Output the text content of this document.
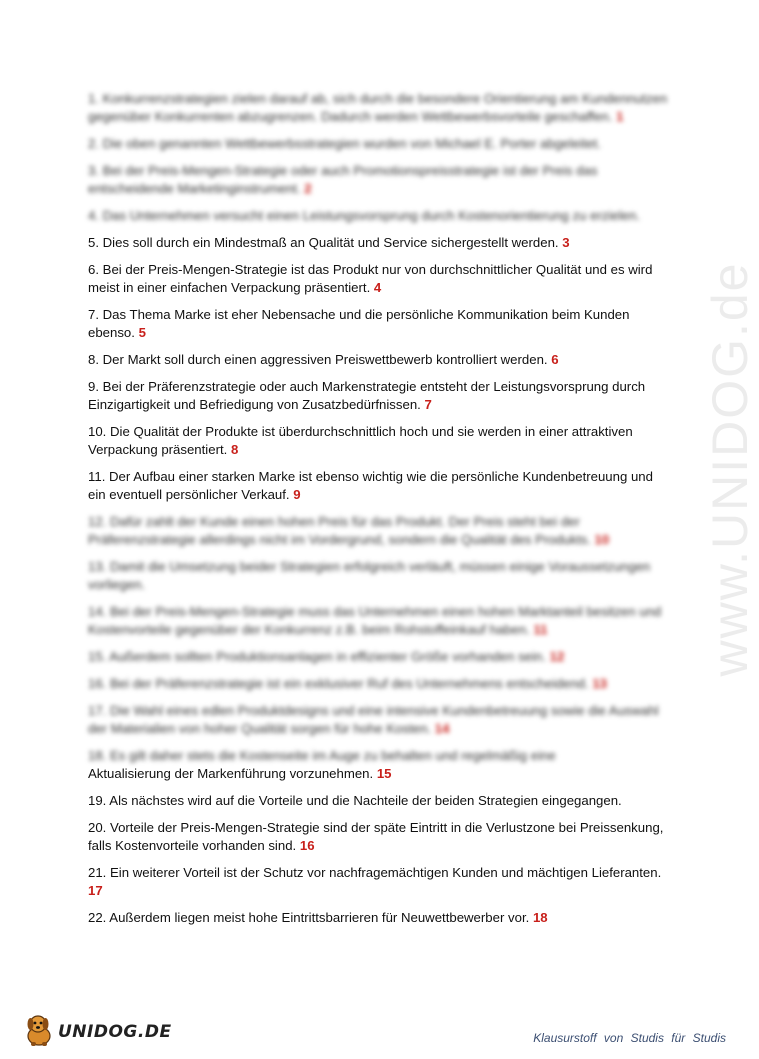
www.UNIDOG.de

1. Konkurrenzstrategien zielen darauf ab, sich durch die besondere Orientierung am Kundennutzen gegenüber Konkurrenten abzugrenzen. Dadurch werden Wettbewerbsvorteile geschaffen. 1

2. Die oben genannten Wettbewerbsstrategien wurden von Michael E. Porter abgeleitet.

3. Bei der Preis-Mengen-Strategie oder auch Promotionspreisstrategie ist der Preis das entscheidende Marketinginstrument. 2

4. Das Unternehmen versucht einen Leistungsvorsprung durch Kostenorientierung zu erzielen.

5. Dies soll durch ein Mindestmaß an Qualität und Service sichergestellt werden. 3

6. Bei der Preis-Mengen-Strategie ist das Produkt nur von durchschnittlicher Qualität und es wird meist in einer einfachen Verpackung präsentiert. 4

7. Das Thema Marke ist eher Nebensache und die persönliche Kommunikation beim Kunden ebenso. 5

8. Der Markt soll durch einen aggressiven Preiswettbewerb kontrolliert werden. 6

9. Bei der Präferenzstrategie oder auch Markenstrategie entsteht der Leistungsvorsprung durch Einzigartigkeit und Befriedigung von Zusatzbedürfnissen. 7

10. Die Qualität der Produkte ist überdurchschnittlich hoch und sie werden in einer attraktiven Verpackung präsentiert. 8

11. Der Aufbau einer starken Marke ist ebenso wichtig wie die persönliche Kundenbetreuung und ein eventuell persönlicher Verkauf. 9

12. Dafür zahlt der Kunde einen hohen Preis für das Produkt. Der Preis steht bei der Präferenzstrategie allerdings nicht im Vordergrund, sondern die Qualität des Produkts. 10

13. Damit die Umsetzung beider Strategien erfolgreich verläuft, müssen einige Voraussetzungen vorliegen.

14. Bei der Preis-Mengen-Strategie muss das Unternehmen einen hohen Marktanteil besitzen und Kostenvorteile gegenüber der Konkurrenz z.B. beim Rohstoffeinkauf haben. 11

15. Außerdem sollten Produktionsanlagen in effizienter Größe vorhanden sein. 12

16. Bei der Präferenzstrategie ist ein exklusiver Ruf des Unternehmens entscheidend. 13

17. Die Wahl eines edlen Produktdesigns und eine intensive Kundenbetreuung sowie die Auswahl der Materialien von hoher Qualität sorgen für hohe Kosten. 14

18. Es gilt daher stets die Kostenseite im Auge zu behalten und regelmäßig eine

Aktualisierung der Markenführung vorzunehmen. 15

19. Als nächstes wird auf die Vorteile und die Nachteile der beiden Strategien eingegangen.

20. Vorteile der Preis-Mengen-Strategie sind der späte Eintritt in die Verlustzone bei Preissenkung, falls Kostenvorteile vorhanden sind. 16

21. Ein weiterer Vorteil ist der Schutz vor nachfragemächtigen Kunden und mächtigen Lieferanten. 17

22. Außerdem liegen meist hohe Eintrittsbarrieren für Neuwettbewerber vor. 18

UNIDOG.DE	Klausurstoff von Studis für Studis
